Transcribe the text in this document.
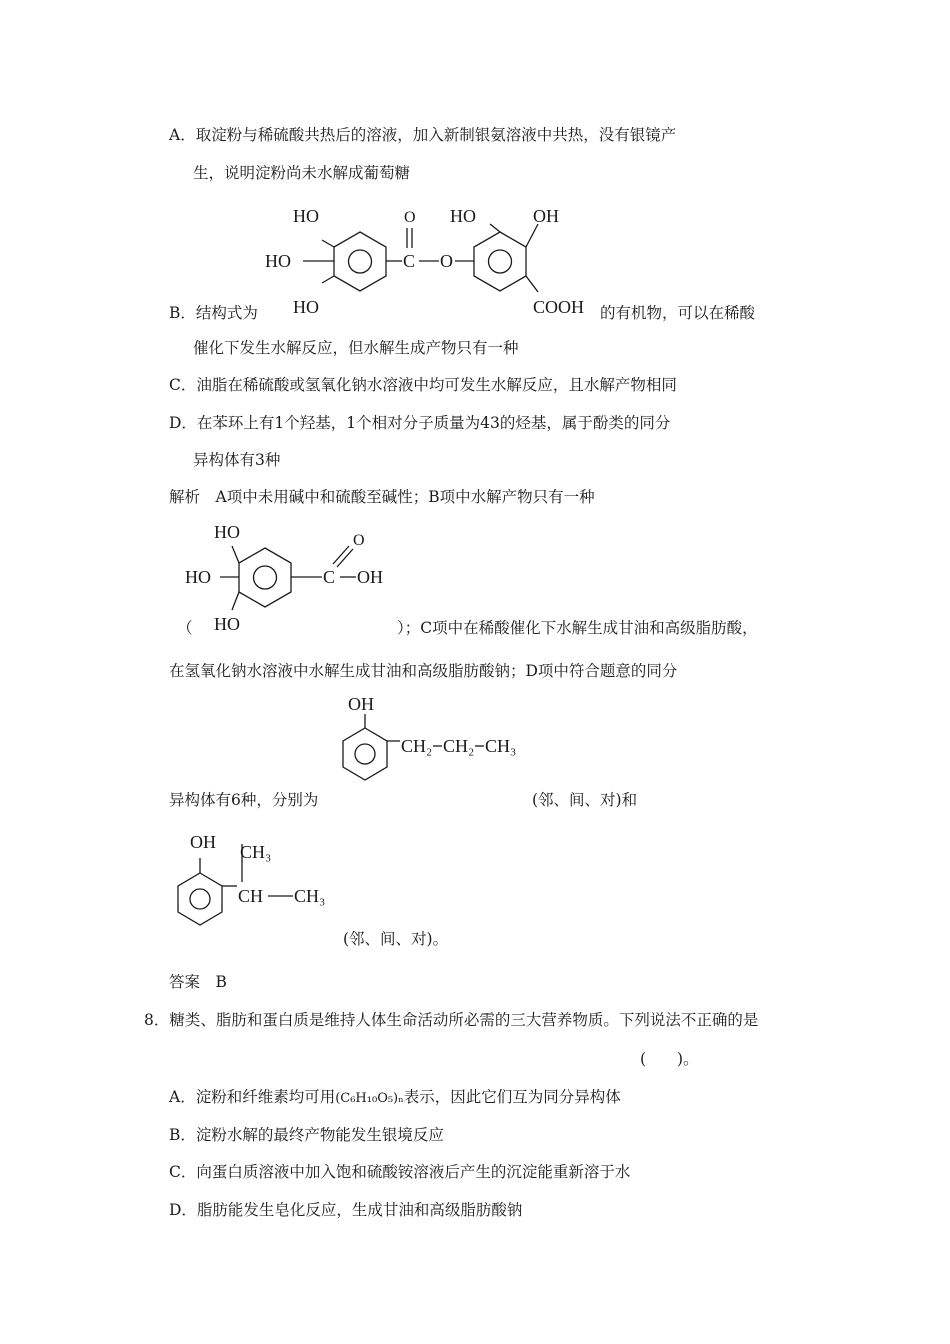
A．取淀粉与稀硫酸共热后的溶液，加入新制银氨溶液中共热，没有银镜产
生，说明淀粉尚未水解成葡萄糖
HO
HO
HO
C
O
O
HO	OH
COOH
B．结构式为	的有机物，可以在稀酸
催化下发生水解反应，但水解生成产物只有一种
C．油脂在稀硫酸或氢氧化钠水溶液中均可发生水解反应，且水解产物相同
D．在苯环上有1个羟基，1个相对分子质量为43的烃基，属于酚类的同分
异构体有3种
解析　A项中未用碱中和硫酸至碱性；B项中水解产物只有一种
HO
HO
HO
C
O
OH
（	）；C项中在稀酸催化下水解生成甘油和高级脂肪酸，
在氢氧化钠水溶液中水解生成甘油和高级脂肪酸钠；D项中符合题意的同分
OH
CH₂ CH₂ CH₃
异构体有6种，分别为	(邻、间、对)和
OH
CH
CH₃
CH₃
(邻、间、对)。
答案　B
8．糖类、脂肪和蛋白质是维持人体生命活动所必需的三大营养物质。下列说法不正确的是
(　　)。
A．淀粉和纤维素均可用(C₆H₁₀O₅)ₙ表示，因此它们互为同分异构体
B．淀粉水解的最终产物能发生银境反应
C．向蛋白质溶液中加入饱和硫酸铵溶液后产生的沉淀能重新溶于水
D．脂肪能发生皂化反应，生成甘油和高级脂肪酸钠
